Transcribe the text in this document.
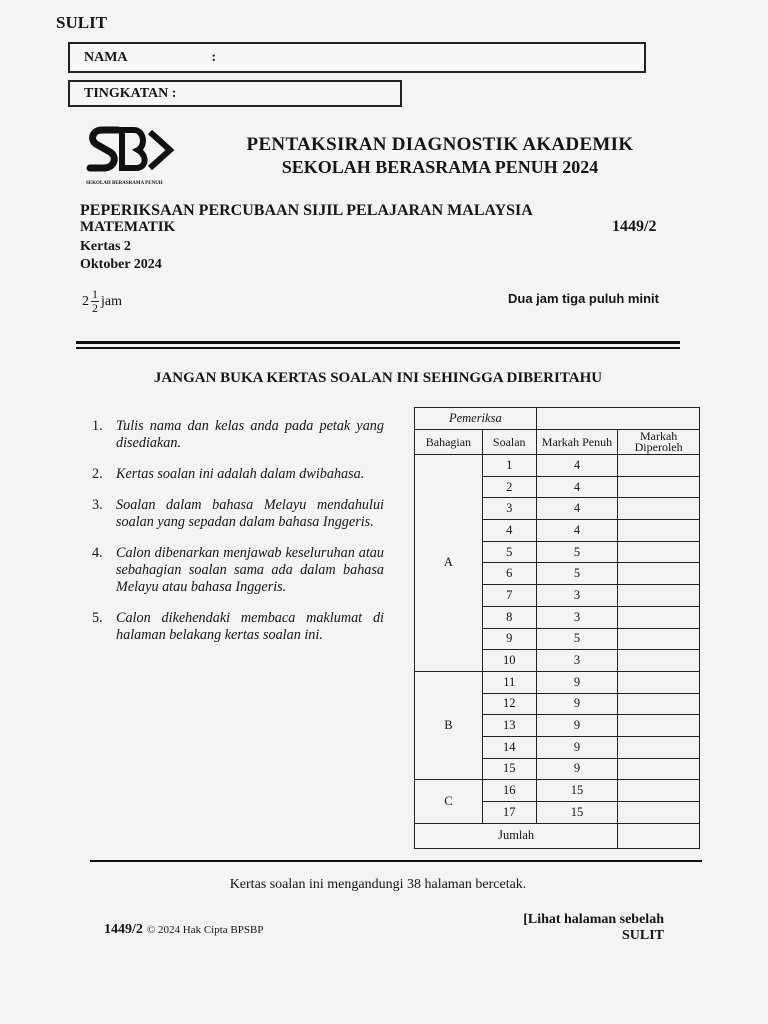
SULIT
NAMA	:
TINGKATAN :
SEKOLAH BERASRAMA PENUH
PENTAKSIRAN DIAGNOSTIK AKADEMIK
SEKOLAH BERASRAMA PENUH 2024
PEPERIKSAAN PERCUBAAN SIJIL PELAJARAN MALAYSIA
MATEMATIK	1449/2
Kertas 2
Oktober 2024
$2 \frac{1}{2}$ jam	Dua jam tiga puluh minit
JANGAN BUKA KERTAS SOALAN INI SEHINGGA DIBERITAHU
1. Tulis nama dan kelas anda pada petak yang disediakan.
2. Kertas soalan ini adalah dalam dwibahasa.
3. Soalan dalam bahasa Melayu mendahului soalan yang sepadan dalam bahasa Inggeris.
4. Calon dibenarkan menjawab keseluruhan atau sebahagian soalan sama ada dalam bahasa Melayu atau bahasa Inggeris.
5. Calon dikehendaki membaca maklumat di halaman belakang kertas soalan ini.
Pemeriksa			
Bahagian	Soalan	Markah Penuh	Markah Diperoleh
A	1	4	
	2	4	
	3	4	
	4	4	
	5	5	
	6	5	
	7	3	
	8	3	
	9	5	
	10	3	
B	11	9	
	12	9	
	13	9	
	14	9	
	15	9	
C	16	15	
	17	15	
Jumlah			
Kertas soalan ini mengandungi 38 halaman bercetak.
1449/2 © 2024 Hak Cipta BPSBP
[Lihat halaman sebelah
SULIT
